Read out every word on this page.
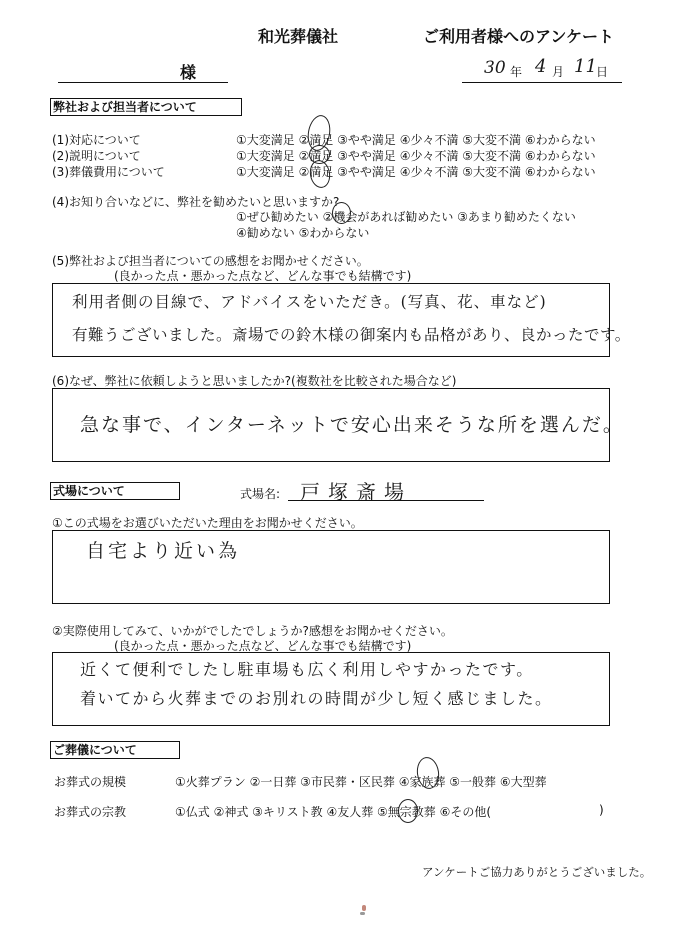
和光葬儀社	ご利用者様へのアンケート
様	30 年 4 月 11 日
弊社および担当者について
(1)対応について	①大変満足 ②満足 ③やや満足 ④少々不満 ⑤大変不満 ⑥わからない
(2)説明について	①大変満足 ②満足 ③やや満足 ④少々不満 ⑤大変不満 ⑥わからない
(3)葬儀費用について	①大変満足 ②満足 ③やや満足 ④少々不満 ⑤大変不満 ⑥わからない
(4)お知り合いなどに、弊社を勧めたいと思いますか?
①ぜひ勧めたい ②機会があれば勧めたい ③あまり勧めたくない
④勧めない ⑤わからない
(5)弊社および担当者についての感想をお聞かせください。
(良かった点・悪かった点など、どんな事でも結構です)
利用者側の目線で、アドバイスをいただき。(写真、花、車など)
有難うございました。斎場での鈴木様の御案内も品格があり、良かったです。
(6)なぜ、弊社に依頼しようと思いましたか?(複数社を比較された場合など)
急な事で、インターネットで安心出来そうな所を選んだ。
式場について	式場名: 戸塚斎場
①この式場をお選びいただいた理由をお聞かせください。
自宅より近い為
②実際使用してみて、いかがでしたでしょうか?感想をお聞かせください。
(良かった点・悪かった点など、どんな事でも結構です)
近くて便利でしたし駐車場も広く利用しやすかったです。
着いてから火葬までのお別れの時間が少し短く感じました。
ご葬儀について
お葬式の規模	①火葬プラン ②一日葬 ③市民葬・区民葬 ④家族葬 ⑤一般葬 ⑥大型葬
お葬式の宗教	①仏式 ②神式 ③キリスト教 ④友人葬 ⑤無宗教葬 ⑥その他(	)
アンケートご協力ありがとうございました。
